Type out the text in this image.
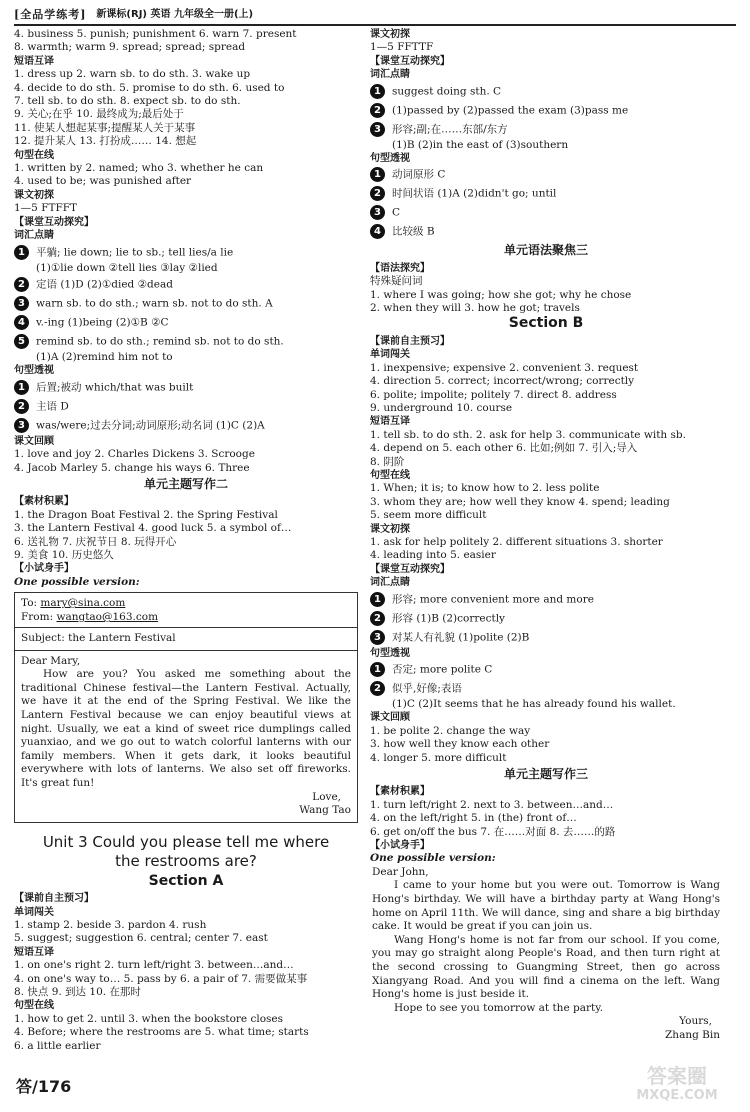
[全品学练考] 新课标(RJ) 英语 九年级全一册(上)
4. business 5. punish; punishment 6. warn 7. present
8. warmth; warm 9. spread; spread; spread
短语互译
1. dress up 2. warn sb. to do sth. 3. wake up
4. decide to do sth. 5. promise to do sth. 6. used to
7. tell sb. to do sth. 8. expect sb. to do sth.
9. 关心;在乎 10. 最终成为;最后处于
11. 使某人想起某事;提醒某人关于某事
12. 提升某人 13. 打扮成…… 14. 想起
句型在线
1. written by 2. named; who 3. whether he can
4. used to be; was punished after
课文初探
1—5 FTFFT
【课堂互动探究】
词汇点睛
1 平躺; lie down; lie to sb.; tell lies/a lie
(1)①lie down ②tell lies ③lay ②lied
2 定语 (1)D (2)①died ②dead
3 warn sb. to do sth.; warn sb. not to do sth. A
4 v.-ing (1)being (2)①B ②C
5 remind sb. to do sth.; remind sb. not to do sth.
(1)A (2)remind him not to
句型透视
1 后置;被动 which/that was built
2 主语 D
3 was/were;过去分词;动词原形;动名词 (1)C (2)A
课文回顾
1. love and joy 2. Charles Dickens 3. Scrooge
4. Jacob Marley 5. change his ways 6. Three
单元主题写作二
【素材积累】
1. the Dragon Boat Festival 2. the Spring Festival
3. the Lantern Festival 4. good luck 5. a symbol of…
6. 送礼物 7. 庆祝节日 8. 玩得开心
9. 美食 10. 历史悠久
【小试身手】
One possible version:
To: mary@sina.com
From: wangtao@163.com
Subject: the Lantern Festival
Dear Mary,
How are you? You asked me something about the traditional Chinese festival—the Lantern Festival. Actually, we have it at the end of the Spring Festival. We like the Lantern Festival because we can enjoy beautiful views at night. Usually, we eat a kind of sweet rice dumplings called yuanxiao, and we go out to watch colorful lanterns with our family members. When it gets dark, it looks beautiful everywhere with lots of lanterns. We also set off fireworks. It's great fun!
Love,
Wang Tao
Unit 3 Could you please tell me where
the restrooms are?
Section A
【课前自主预习】
单词闯关
1. stamp 2. beside 3. pardon 4. rush
5. suggest; suggestion 6. central; center 7. east
短语互译
1. on one's right 2. turn left/right 3. between…and…
4. on one's way to… 5. pass by 6. a pair of 7. 需要做某事
8. 快点 9. 到达 10. 在那时
句型在线
1. how to get 2. until 3. when the bookstore closes
4. Before; where the restrooms are 5. what time; starts
6. a little earlier
课文初探
1—5 FFTTF
【课堂互动探究】
词汇点睛
1 suggest doing sth. C
2 (1)passed by (2)passed the exam (3)pass me
3 形容;副;在……东部/东方
(1)B (2)in the east of (3)southern
句型透视
1 动词原形 C
2 时间状语 (1)A (2)didn't go; until
3 C
4 比较级 B
单元语法聚焦三
【语法探究】
特殊疑问词
1. where I was going; how she got; why he chose
2. when they will 3. how he got; travels
Section B
【课前自主预习】
单词闯关
1. inexpensive; expensive 2. convenient 3. request
4. direction 5. correct; incorrect/wrong; correctly
6. polite; impolite; politely 7. direct 8. address
9. underground 10. course
短语互译
1. tell sb. to do sth. 2. ask for help 3. communicate with sb.
4. depend on 5. each other 6. 比如;例如 7. 引入;导入
8. 阴阶
句型在线
1. When; it is; to know how to 2. less polite
3. whom they are; how well they know 4. spend; leading
5. seem more difficult
课文初探
1. ask for help politely 2. different situations 3. shorter
4. leading into 5. easier
【课堂互动探究】
词汇点睛
1 形容; more convenient more and more
2 形容 (1)B (2)correctly
3 对某人有礼貌 (1)polite (2)B
句型透视
1 否定; more polite C
2 似乎,好像;表语
(1)C (2)It seems that he has already found his wallet.
课文回顾
1. be polite 2. change the way
3. how well they know each other
4. longer 5. more difficult
单元主题写作三
【素材积累】
1. turn left/right 2. next to 3. between…and…
4. on the left/right 5. in (the) front of…
6. get on/off the bus 7. 在……对面 8. 去……的路
【小试身手】
One possible version:
Dear John,
I came to your home but you were out. Tomorrow is Wang Hong's birthday. We will have a birthday party at Wang Hong's home on April 11th. We will dance, sing and share a big birthday cake. It would be great if you can join us.
Wang Hong's home is not far from our school. If you come, you may go straight along People's Road, and then turn right at the second crossing to Guangming Street, then go across Xiangyang Road. And you will find a cinema on the left. Wang Hong's home is just beside it.
Hope to see you tomorrow at the party.
Yours,
Zhang Bin
答/176	答案圈
MXQE.COM
